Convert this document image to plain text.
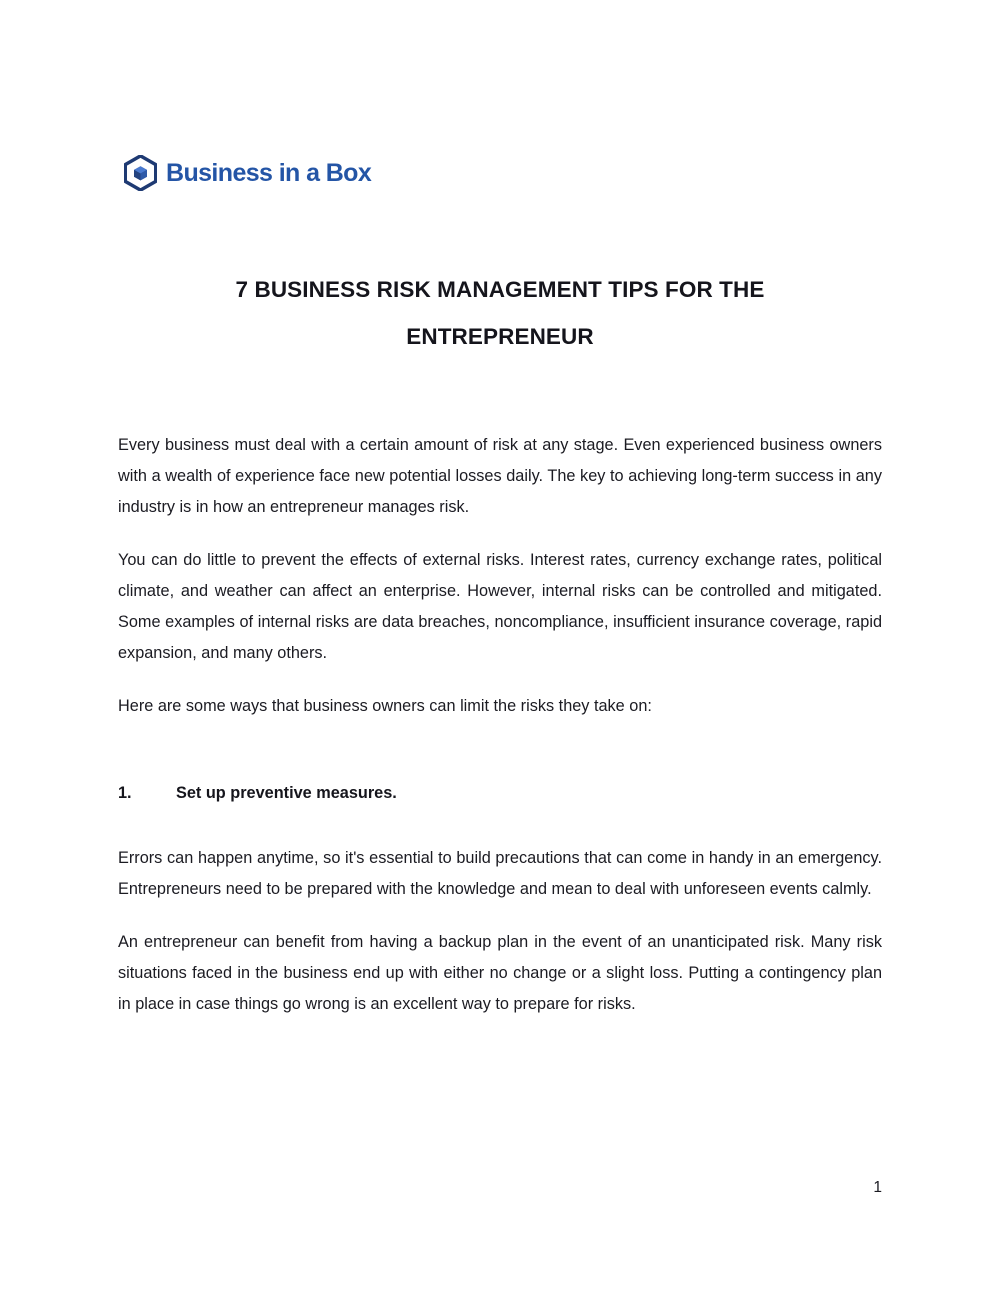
Business in a Box
7 BUSINESS RISK MANAGEMENT TIPS FOR THE
ENTREPRENEUR

Every business must deal with a certain amount of risk at any stage. Even experienced business owners with a wealth of experience face new potential losses daily. The key to achieving long-term success in any industry is in how an entrepreneur manages risk.

You can do little to prevent the effects of external risks. Interest rates, currency exchange rates, political climate, and weather can affect an enterprise. However, internal risks can be controlled and mitigated. Some examples of internal risks are data breaches, noncompliance, insufficient insurance coverage, rapid expansion, and many others.

Here are some ways that business owners can limit the risks they take on:

1.	Set up preventive measures.

Errors can happen anytime, so it's essential to build precautions that can come in handy in an emergency. Entrepreneurs need to be prepared with the knowledge and mean to deal with unforeseen events calmly.

An entrepreneur can benefit from having a backup plan in the event of an unanticipated risk. Many risk situations faced in the business end up with either no change or a slight loss. Putting a contingency plan in place in case things go wrong is an excellent way to prepare for risks.

1
